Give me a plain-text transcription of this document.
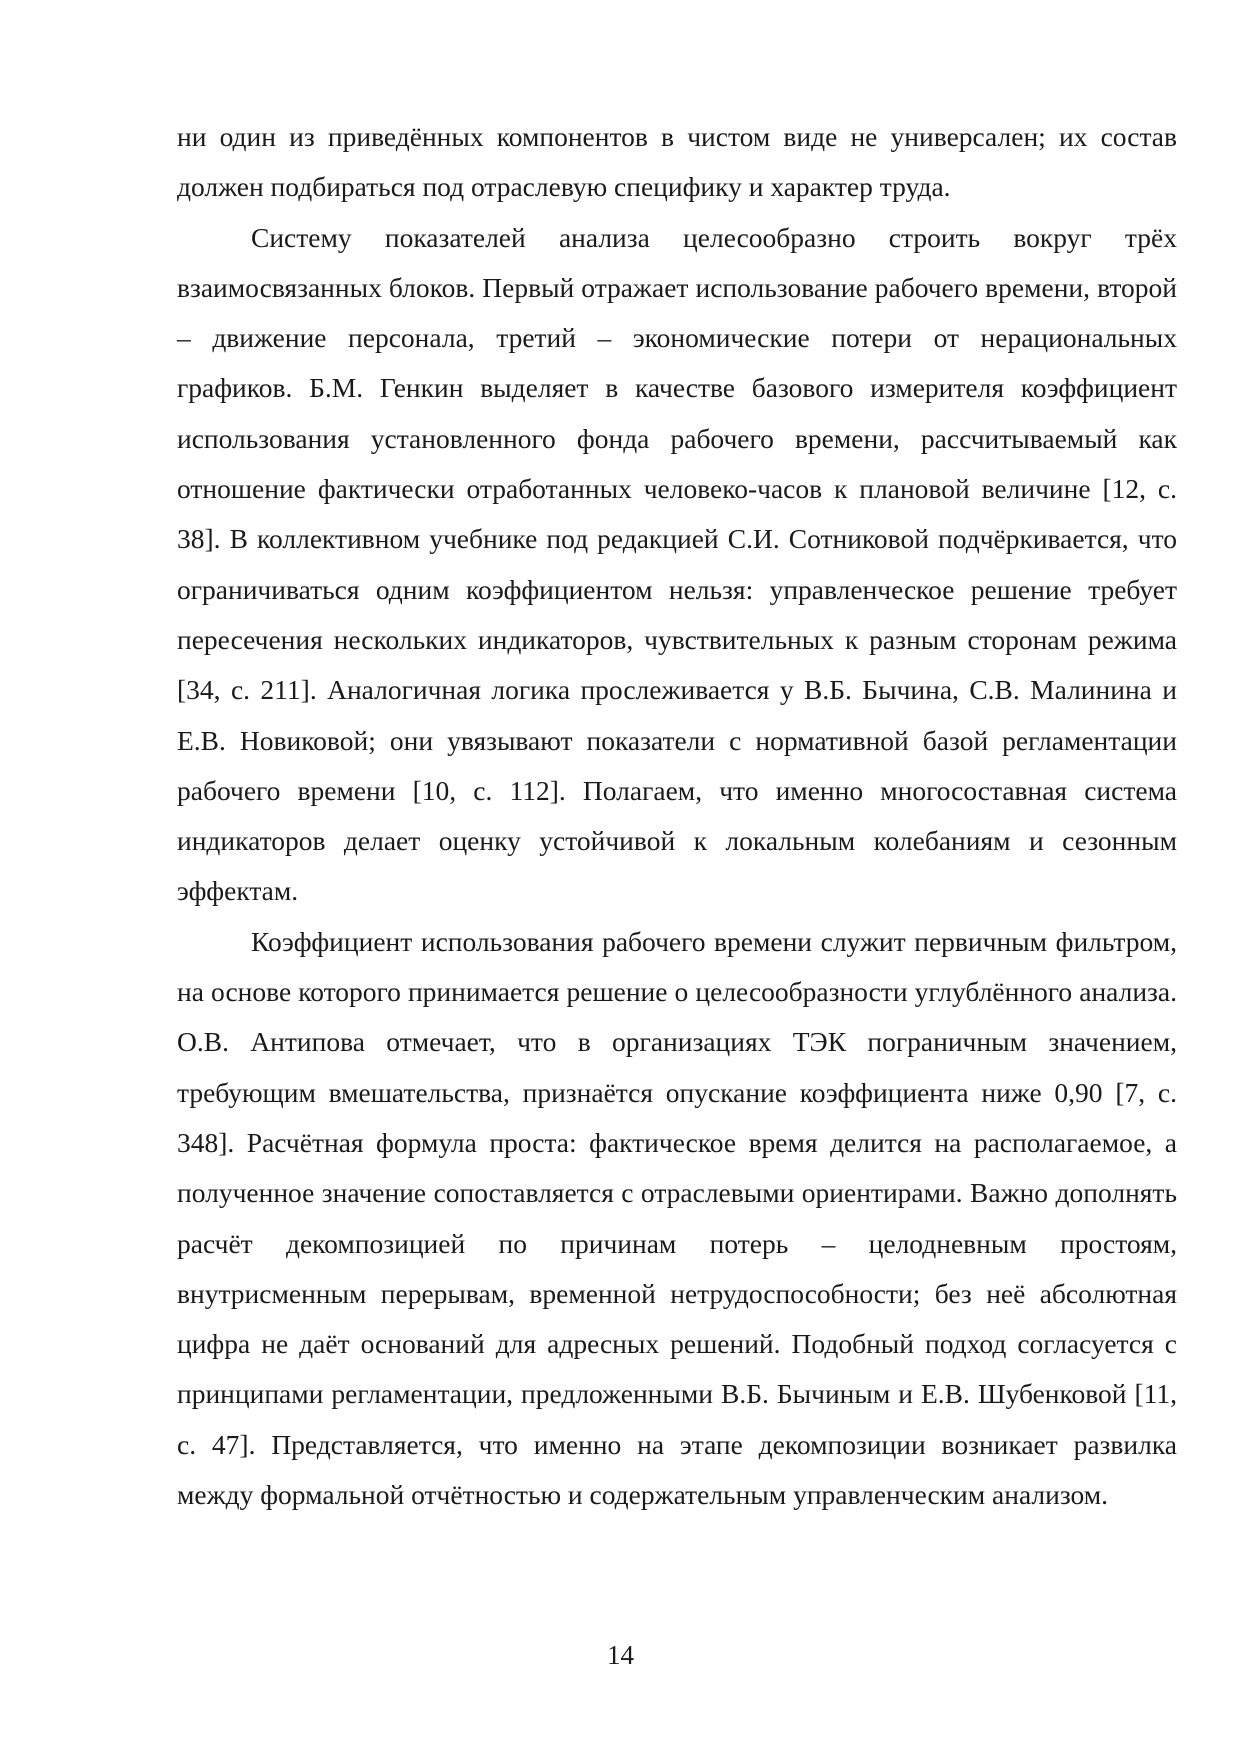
ни один из приведённых компонентов в чистом виде не универсален; их состав должен подбираться под отраслевую специфику и характер труда.

Систему показателей анализа целесообразно строить вокруг трёх взаимосвязанных блоков. Первый отражает использование рабочего времени, второй – движение персонала, третий – экономические потери от нерациональных графиков. Б.М. Генкин выделяет в качестве базового измерителя коэффициент использования установленного фонда рабочего времени, рассчитываемый как отношение фактически отработанных человеко-часов к плановой величине [12, с. 38]. В коллективном учебнике под редакцией С.И. Сотниковой подчёркивается, что ограничиваться одним коэффициентом нельзя: управленческое решение требует пересечения нескольких индикаторов, чувствительных к разным сторонам режима [34, с. 211]. Аналогичная логика прослеживается у В.Б. Бычина, С.В. Малинина и Е.В. Новиковой; они увязывают показатели с нормативной базой регламентации рабочего времени [10, с. 112]. Полагаем, что именно многосоставная система индикаторов делает оценку устойчивой к локальным колебаниям и сезонным эффектам.

Коэффициент использования рабочего времени служит первичным фильтром, на основе которого принимается решение о целесообразности углублённого анализа. О.В. Антипова отмечает, что в организациях ТЭК пограничным значением, требующим вмешательства, признаётся опускание коэффициента ниже 0,90 [7, с. 348]. Расчётная формула проста: фактическое время делится на располагаемое, а полученное значение сопоставляется с отраслевыми ориентирами. Важно дополнять расчёт декомпозицией по причинам потерь – целодневным простоям, внутрисменным перерывам, временной нетрудоспособности; без неё абсолютная цифра не даёт оснований для адресных решений. Подобный подход согласуется с принципами регламентации, предложенными В.Б. Бычиным и Е.В. Шубенковой [11, с. 47]. Представляется, что именно на этапе декомпозиции возникает развилка между формальной отчётностью и содержательным управленческим анализом.

14
